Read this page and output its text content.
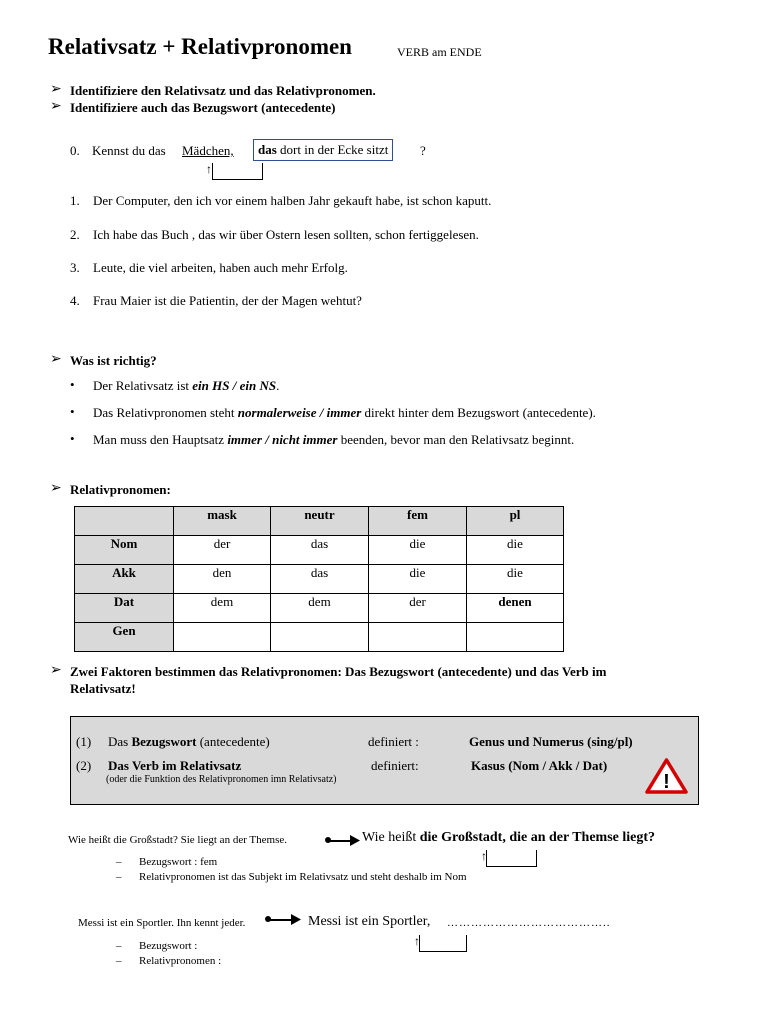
Relativsatz + Relativpronomen	VERB am ENDE
➢ Identifiziere den Relativsatz und das Relativpronomen.
➢ Identifiziere auch das Bezugswort (antecedente)
0. Kennst du das Mädchen,	das dort in der Ecke sitzt	?
↑
1. Der Computer, den ich vor einem halben Jahr gekauft habe, ist schon kaputt.
2. Ich habe das Buch , das wir über Ostern lesen sollten, schon fertiggelesen.
3. Leute, die viel arbeiten, haben auch mehr Erfolg.
4. Frau Maier ist die Patientin, der der Magen wehtut?
➢ Was ist richtig?
• Der Relativsatz ist ein HS / ein NS.
• Das Relativpronomen steht normalerweise / immer direkt hinter dem Bezugswort (antecedente).
• Man muss den Hauptsatz immer / nicht immer beenden, bevor man den Relativsatz beginnt.
➢ Relativpronomen:
	mask	neutr	fem	pl
Nom	der	das	die	die
Akk	den	das	die	die
Dat	dem	dem	der	denen
Gen				
➢ Zwei Faktoren bestimmen das Relativpronomen: Das Bezugswort (antecedente) und das Verb im
Relativsatz!
(1) Das Bezugswort (antecedente)	definiert :	Genus und Numerus (sing/pl)
(2) Das Verb im Relativsatz	definiert:	Kasus (Nom / Akk / Dat)
(oder die Funktion des Relativpronomen imn Relativsatz)	!
Wie heißt die Großstadt? Sie liegt an der Themse.	Wie heißt die Großstadt, die an der Themse liegt?
↑
– Bezugswort : fem
– Relativpronomen ist das Subjekt im Relativsatz und steht deshalb im Nom
Messi ist ein Sportler. Ihn kennt jeder.	Messi ist ein Sportler, …………………………………..
↑
– Bezugswort :
– Relativpronomen :
